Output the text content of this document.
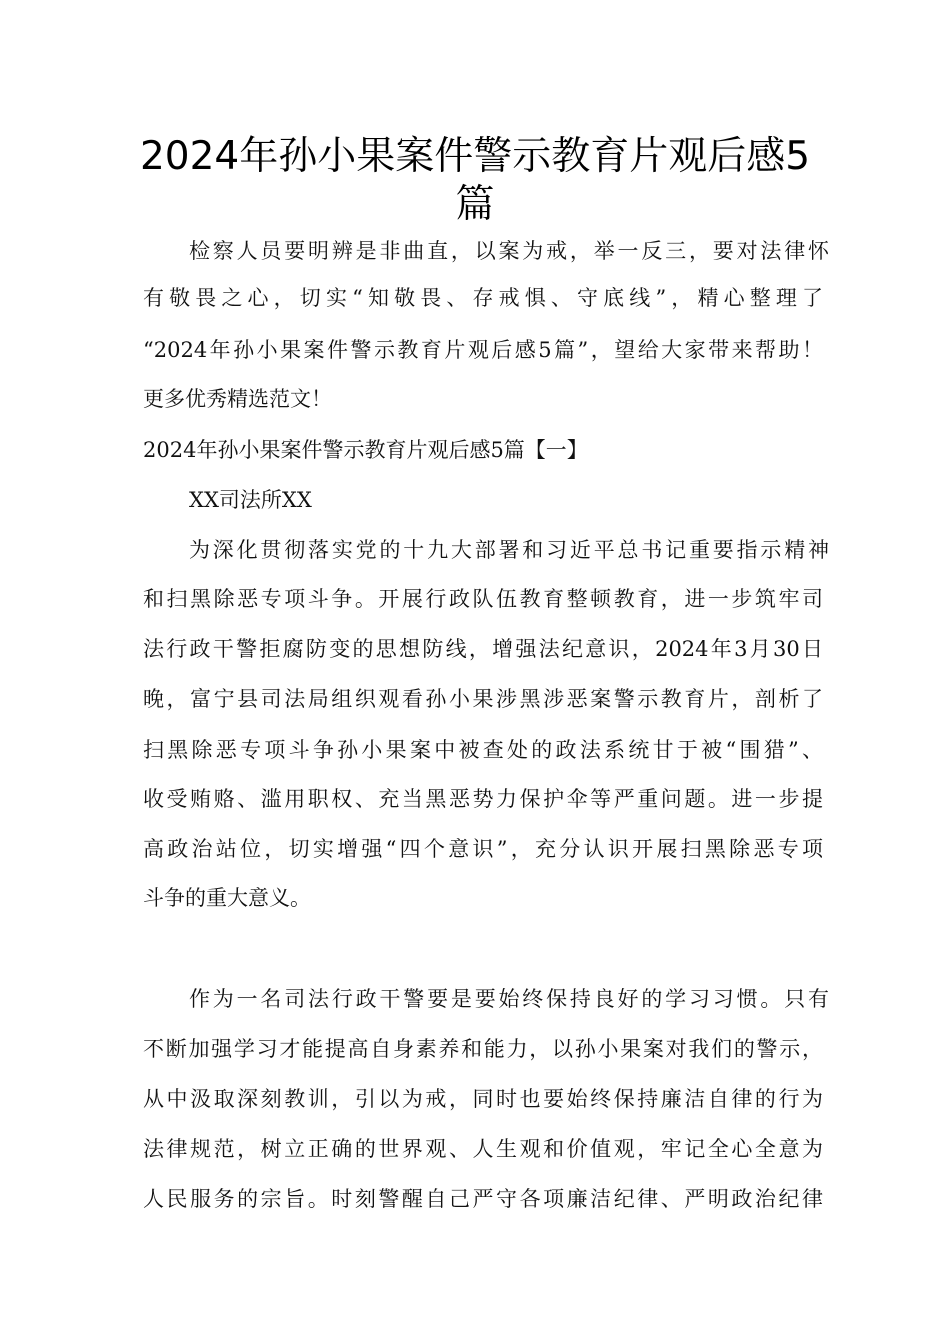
2024年孙小果案件警示教育片观后感5
篇
检察人员要明辨是非曲直，以案为戒，举一反三，要对法律怀
有敬畏之心，切实“知敬畏、存戒惧、守底线”，精心整理了
“2024年孙小果案件警示教育片观后感5篇”，望给大家带来帮助！
更多优秀精选范文！
2024年孙小果案件警示教育片观后感5篇【一】
XX司法所XX
为深化贯彻落实党的十九大部署和习近平总书记重要指示精神
和扫黑除恶专项斗争。开展行政队伍教育整顿教育，进一步筑牢司
法行政干警拒腐防变的思想防线，增强法纪意识，2024年3月30日
晚，富宁县司法局组织观看孙小果涉黑涉恶案警示教育片，剖析了
扫黑除恶专项斗争孙小果案中被查处的政法系统甘于被“围猎”、
收受贿赂、滥用职权、充当黑恶势力保护伞等严重问题。进一步提
高政治站位，切实增强“四个意识”，充分认识开展扫黑除恶专项
斗争的重大意义。
作为一名司法行政干警要是要始终保持良好的学习习惯。只有
不断加强学习才能提高自身素养和能力，以孙小果案对我们的警示，
从中汲取深刻教训，引以为戒，同时也要始终保持廉洁自律的行为
法律规范，树立正确的世界观、人生观和价值观，牢记全心全意为
人民服务的宗旨。时刻警醒自己严守各项廉洁纪律、严明政治纪律
